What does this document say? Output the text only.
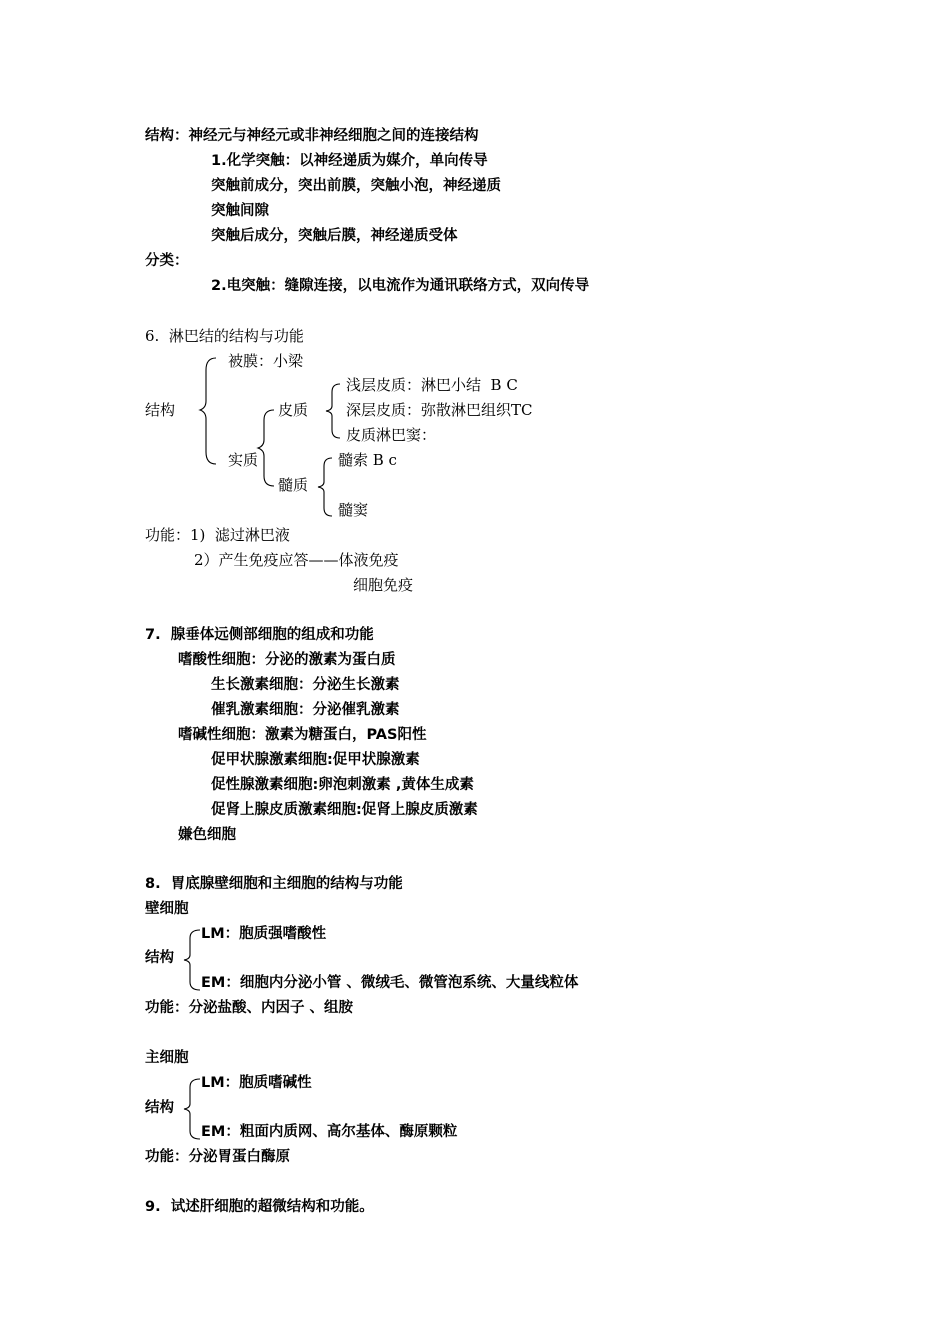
结构：神经元与神经元或非神经细胞之间的连接结构
1.化学突触：以神经递质为媒介，单向传导
突触前成分，突出前膜，突触小泡，神经递质
突触间隙
突触后成分，突触后膜，神经递质受体
分类：
2.电突触：缝隙连接，以电流作为通讯联络方式，双向传导
6.  淋巴结的结构与功能
被膜：小梁
结构	皮质
浅层皮质：淋巴小结  B C
深层皮质：弥散淋巴组织TC
皮质淋巴窦：
实质	髓索 B c
髓质
髓窦
功能：1)  滤过淋巴液
2）产生免疫应答——体液免疫
细胞免疫
7.  腺垂体远侧部细胞的组成和功能
嗜酸性细胞：分泌的激素为蛋白质
生长激素细胞：分泌生长激素
催乳激素细胞：分泌催乳激素
嗜碱性细胞：激素为糖蛋白，PAS阳性
促甲状腺激素细胞:促甲状腺激素
促性腺激素细胞:卵泡刺激素 ,黄体生成素
促肾上腺皮质激素细胞:促肾上腺皮质激素
嫌色细胞
8.  胃底腺壁细胞和主细胞的结构与功能
壁细胞
LM：胞质强嗜酸性
结构
EM：细胞内分泌小管 、微绒毛、微管泡系统、大量线粒体
功能：分泌盐酸、内因子 、组胺
主细胞
LM：胞质嗜碱性
结构
EM：粗面内质网、高尔基体、酶原颗粒
功能：分泌胃蛋白酶原
9.  试述肝细胞的超微结构和功能。
